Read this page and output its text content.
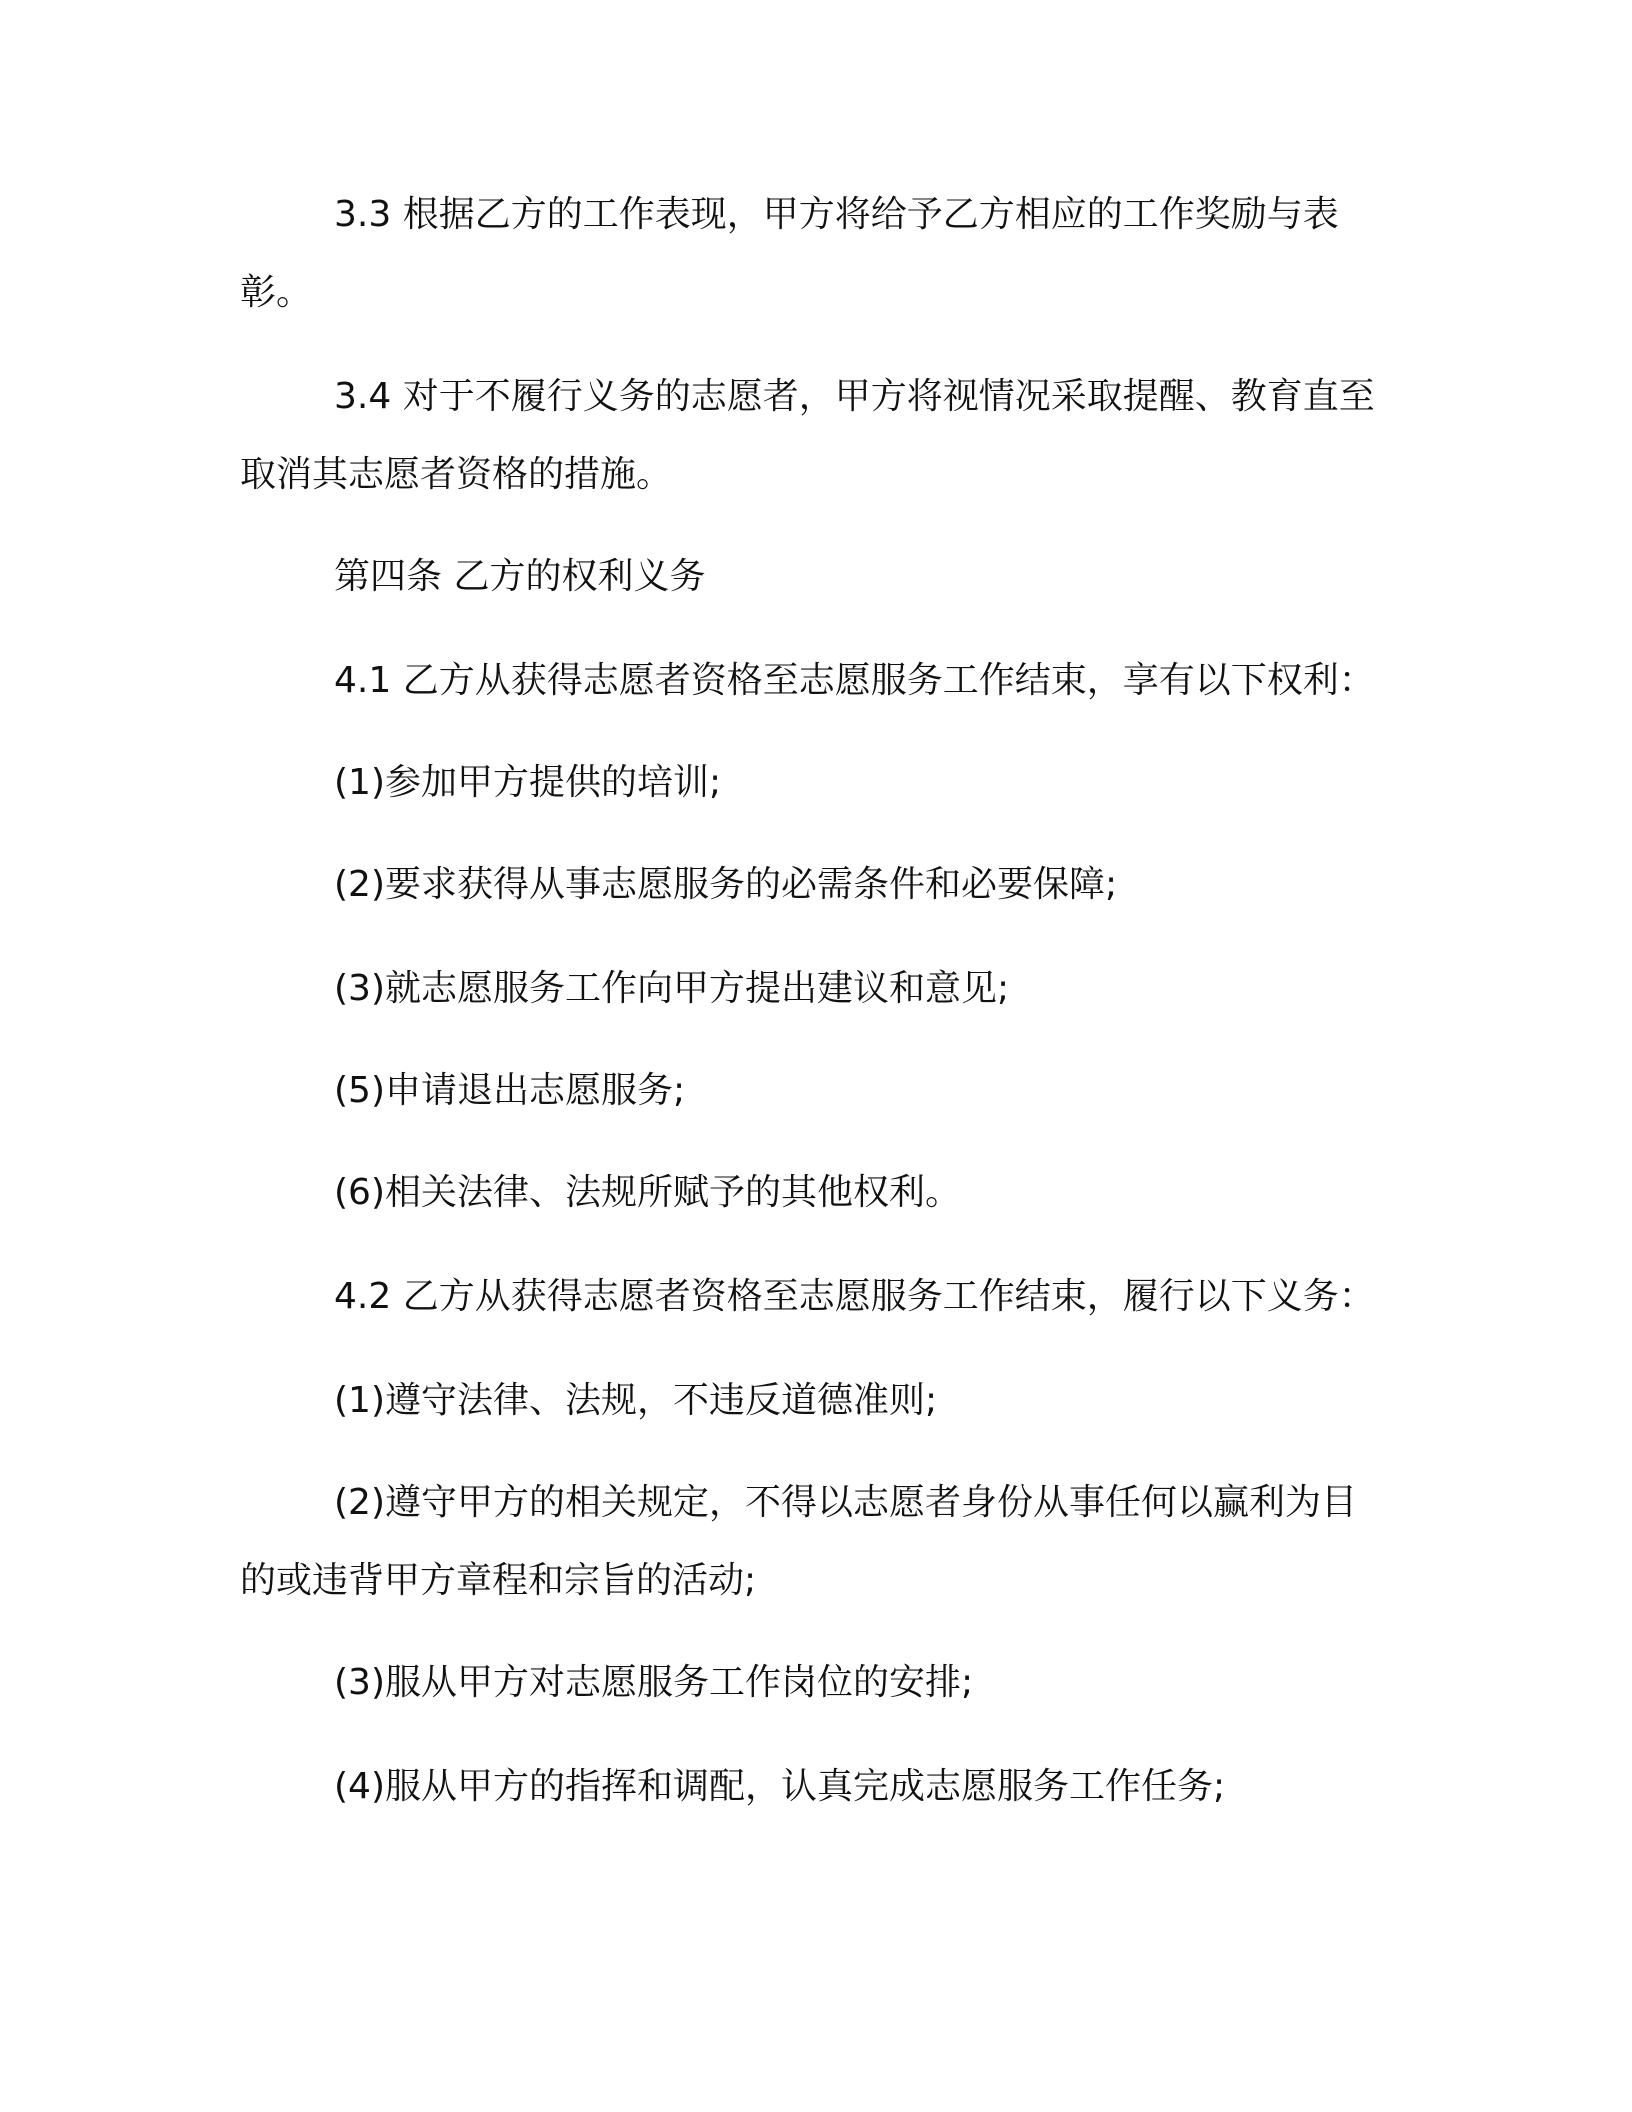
3.3 根据乙方的工作表现，甲方将给予乙方相应的工作奖励与表彰。

3.4 对于不履行义务的志愿者，甲方将视情况采取提醒、教育直至取消其志愿者资格的措施。

第四条 乙方的权利义务

4.1 乙方从获得志愿者资格至志愿服务工作结束，享有以下权利：

(1)参加甲方提供的培训;

(2)要求获得从事志愿服务的必需条件和必要保障;

(3)就志愿服务工作向甲方提出建议和意见;

(5)申请退出志愿服务;

(6)相关法律、法规所赋予的其他权利。

4.2 乙方从获得志愿者资格至志愿服务工作结束，履行以下义务：

(1)遵守法律、法规，不违反道德准则;

(2)遵守甲方的相关规定，不得以志愿者身份从事任何以赢利为目的或违背甲方章程和宗旨的活动;

(3)服从甲方对志愿服务工作岗位的安排;

(4)服从甲方的指挥和调配，认真完成志愿服务工作任务;
